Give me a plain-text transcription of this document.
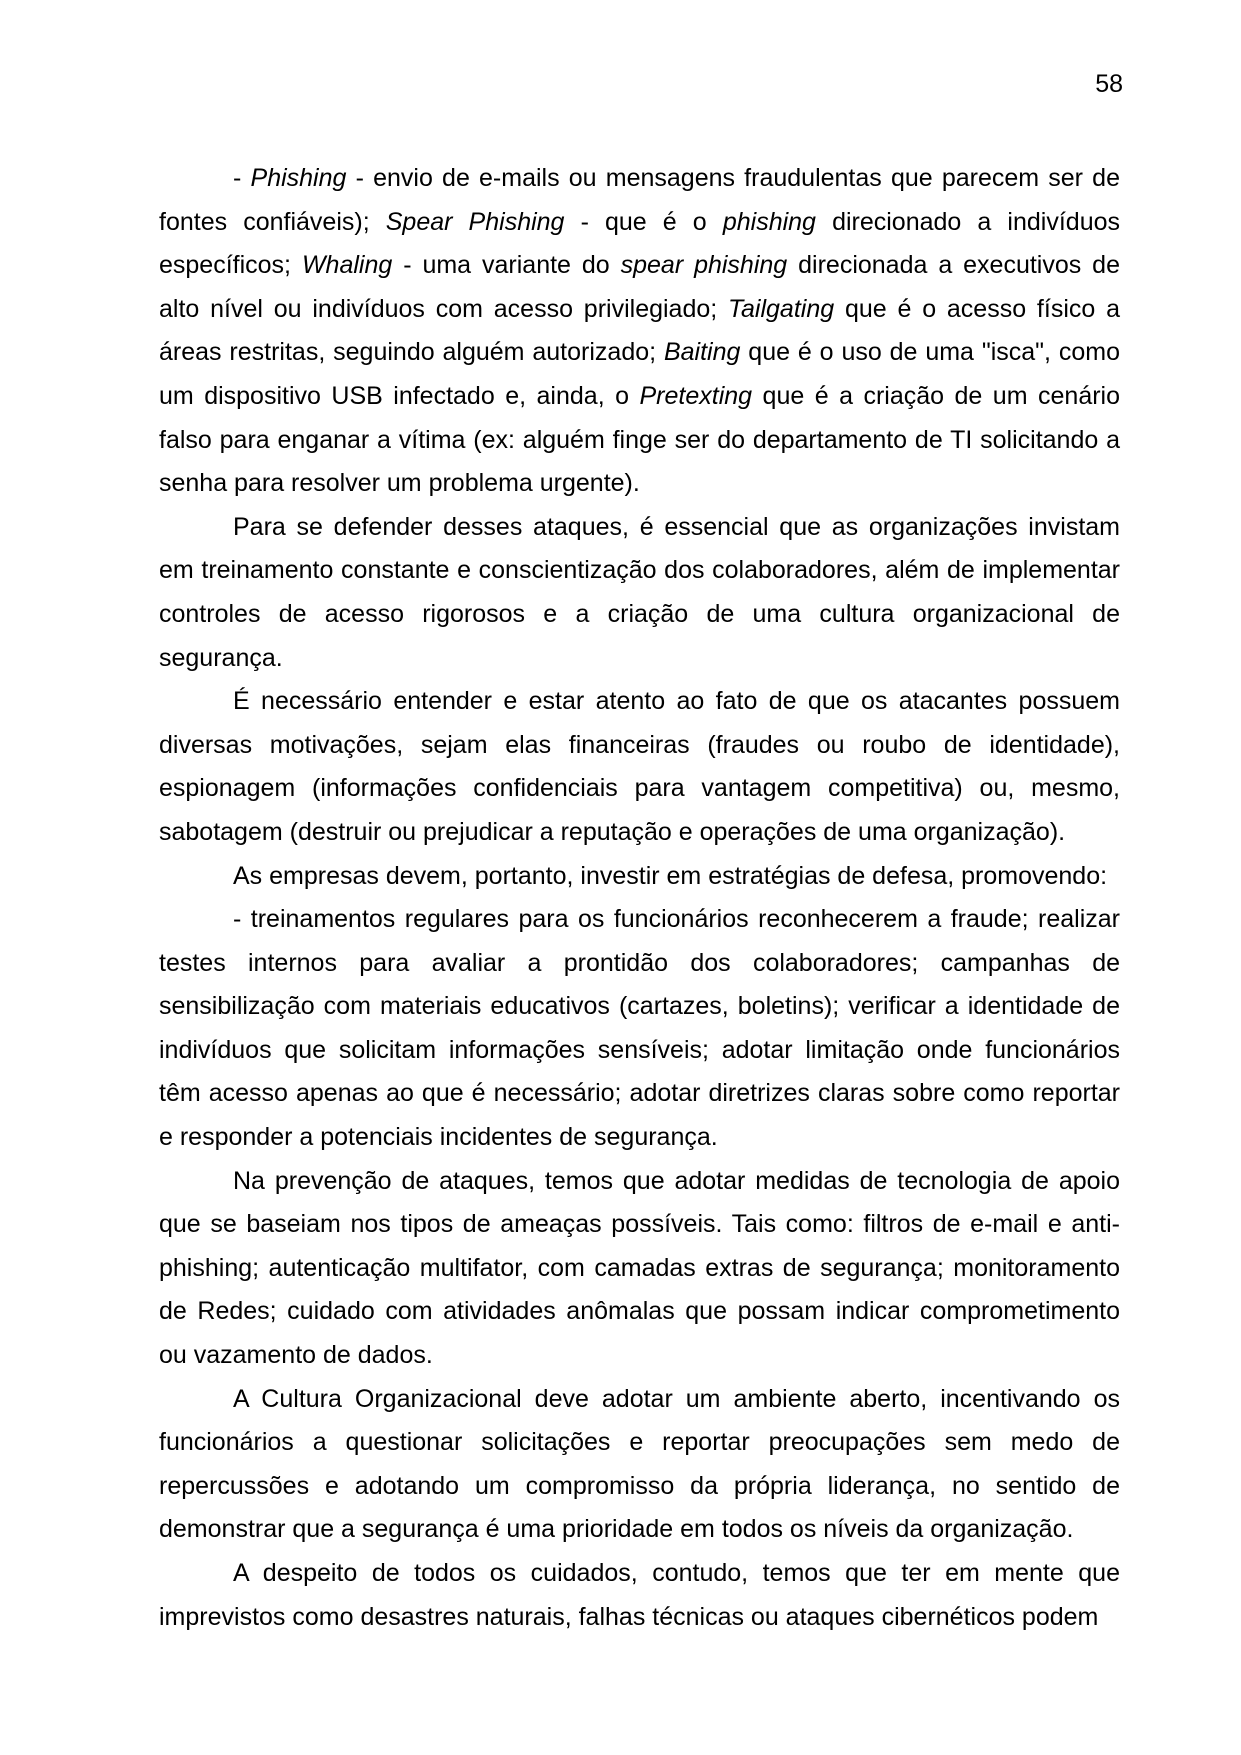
58

- Phishing - envio de e-mails ou mensagens fraudulentas que parecem ser de fontes confiáveis); Spear Phishing - que é o phishing direcionado a indivíduos específicos; Whaling - uma variante do spear phishing direcionada a executivos de alto nível ou indivíduos com acesso privilegiado; Tailgating que é o acesso físico a áreas restritas, seguindo alguém autorizado; Baiting que é o uso de uma "isca", como um dispositivo USB infectado e, ainda, o Pretexting que é a criação de um cenário falso para enganar a vítima (ex: alguém finge ser do departamento de TI solicitando a senha para resolver um problema urgente).

Para se defender desses ataques, é essencial que as organizações invistam em treinamento constante e conscientização dos colaboradores, além de implementar controles de acesso rigorosos e a criação de uma cultura organizacional de segurança.

É necessário entender e estar atento ao fato de que os atacantes possuem diversas motivações, sejam elas financeiras (fraudes ou roubo de identidade), espionagem (informações confidenciais para vantagem competitiva) ou, mesmo, sabotagem (destruir ou prejudicar a reputação e operações de uma organização).

As empresas devem, portanto, investir em estratégias de defesa, promovendo:

- treinamentos regulares para os funcionários reconhecerem a fraude; realizar testes internos para avaliar a prontidão dos colaboradores; campanhas de sensibilização com materiais educativos (cartazes, boletins); verificar a identidade de indivíduos que solicitam informações sensíveis; adotar limitação onde funcionários têm acesso apenas ao que é necessário; adotar diretrizes claras sobre como reportar e responder a potenciais incidentes de segurança.

Na prevenção de ataques, temos que adotar medidas de tecnologia de apoio que se baseiam nos tipos de ameaças possíveis. Tais como: filtros de e-mail e anti-phishing; autenticação multifator, com camadas extras de segurança; monitoramento de Redes; cuidado com atividades anômalas que possam indicar comprometimento ou vazamento de dados.

A Cultura Organizacional deve adotar um ambiente aberto, incentivando os funcionários a questionar solicitações e reportar preocupações sem medo de repercussões e adotando um compromisso da própria liderança, no sentido de demonstrar que a segurança é uma prioridade em todos os níveis da organização.

A despeito de todos os cuidados, contudo, temos que ter em mente que imprevistos como desastres naturais, falhas técnicas ou ataques cibernéticos podem
